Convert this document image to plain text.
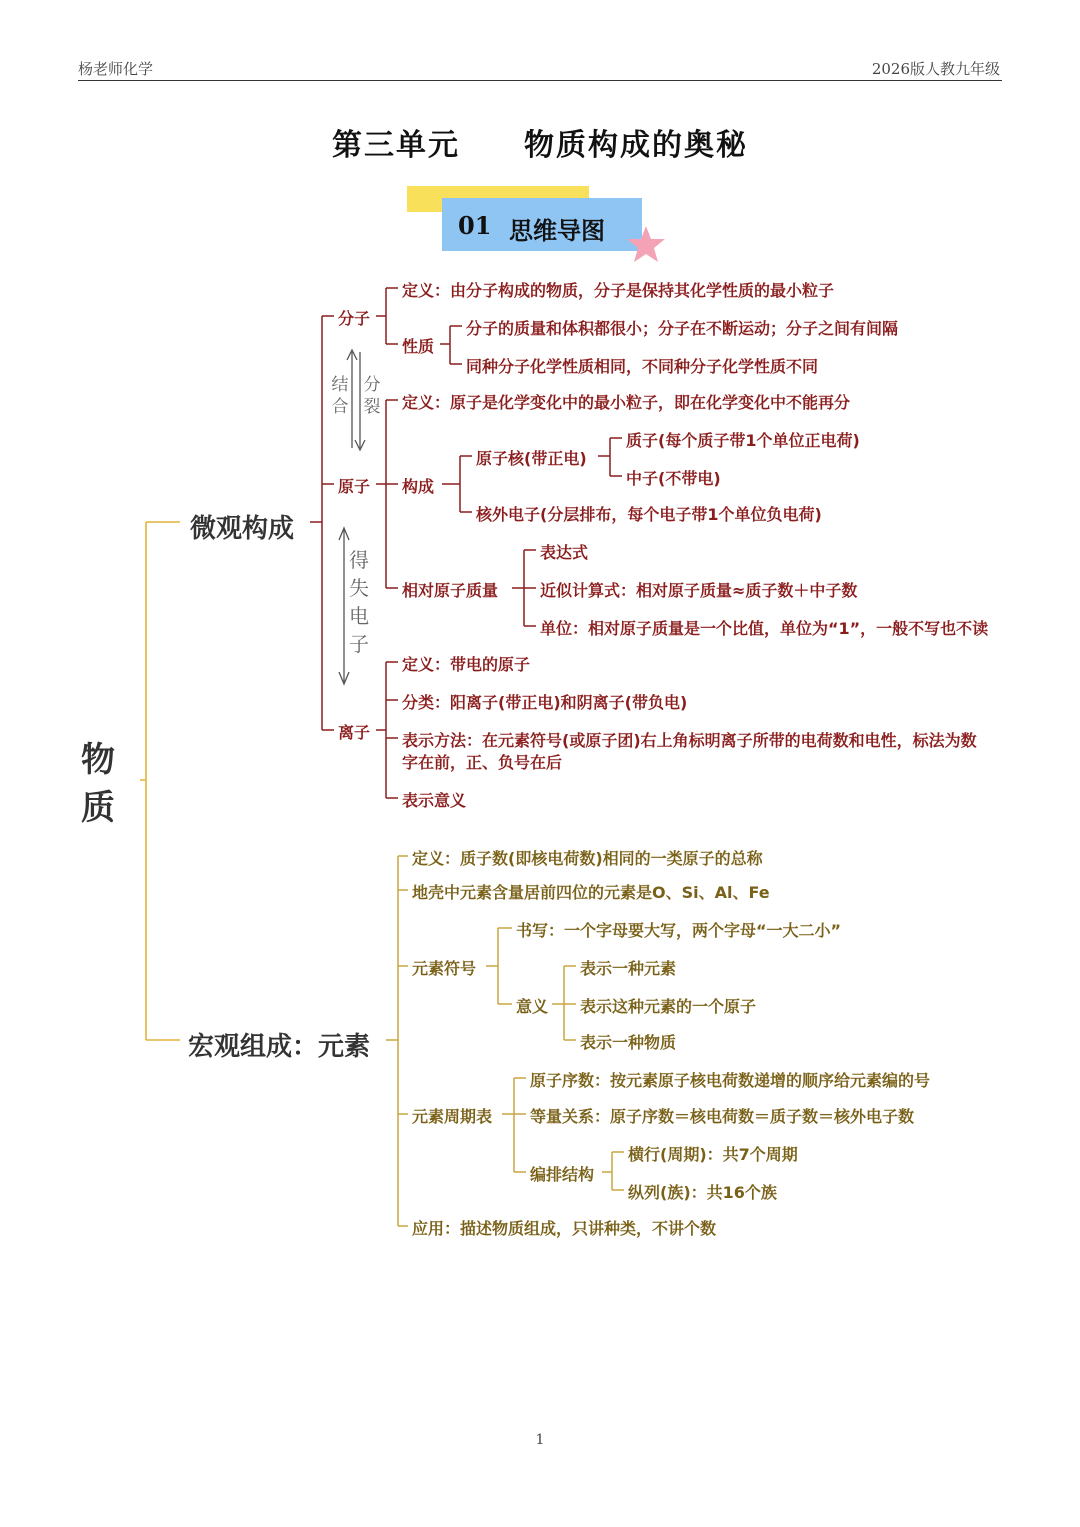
杨老师化学	2026版人教九年级
第三单元　　物质构成的奥秘
01 思维导图
物质
微观构成
分子
定义：由分子构成的物质，分子是保持其化学性质的最小粒子
性质
分子的质量和体积都很小；分子在不断运动；分子之间有间隔
同种分子化学性质相同，不同种分子化学性质不同
结合
分裂
原子
定义：原子是化学变化中的最小粒子，即在化学变化中不能再分
构成
原子核(带正电)
质子(每个质子带1个单位正电荷)
中子(不带电)
核外电子(分层排布，每个电子带1个单位负电荷)
相对原子质量
表达式
近似计算式：相对原子质量≈质子数＋中子数
单位：相对原子质量是一个比值，单位为“1”，一般不写也不读
得失电子
离子
定义：带电的原子
分类：阳离子(带正电)和阴离子(带负电)
表示方法：在元素符号(或原子团)右上角标明离子所带的电荷数和电性，标法为数
字在前，正、负号在后
表示意义
宏观组成：元素
定义：质子数(即核电荷数)相同的一类原子的总称
地壳中元素含量居前四位的元素是O、Si、Al、Fe
元素符号
书写：一个字母要大写，两个字母“一大二小”
意义
表示一种元素
表示这种元素的一个原子
表示一种物质
元素周期表
原子序数：按元素原子核电荷数递增的顺序给元素编的号
等量关系：原子序数＝核电荷数＝质子数＝核外电子数
编排结构
横行(周期)：共7个周期
纵列(族)：共16个族
应用：描述物质组成，只讲种类，不讲个数
1
